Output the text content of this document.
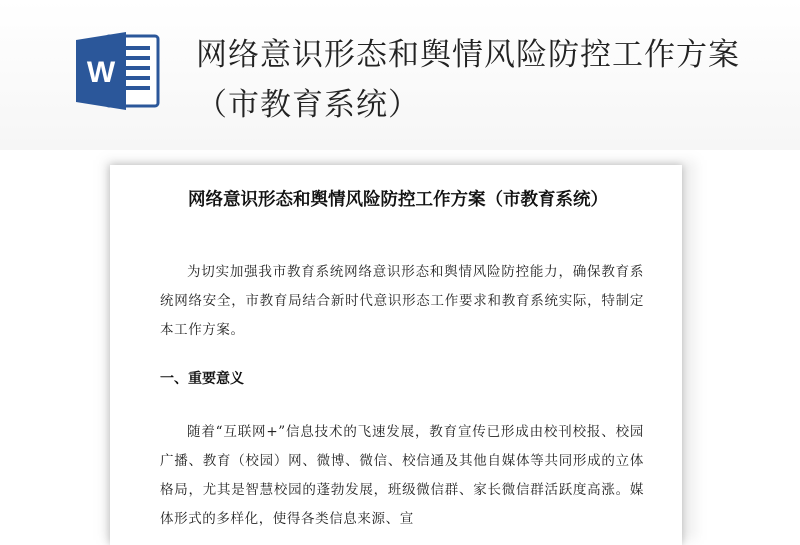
W	网络意识形态和舆情风险防控工作方案（市教育系统）
网络意识形态和舆情风险防控工作方案（市教育系统）
为切实加强我市教育系统网络意识形态和舆情风险防控能力，确保教育系统网络安全，市教育局结合新时代意识形态工作要求和教育系统实际，特制定本工作方案。
一、重要意义
随着“互联网+”信息技术的飞速发展，教育宣传已形成由校刊校报、校园广播、教育（校园）网、微博、微信、校信通及其他自媒体等共同形成的立体格局，尤其是智慧校园的蓬勃发展，班级微信群、家长微信群活跃度高涨。媒体形式的多样化，使得各类信息来源、宣
